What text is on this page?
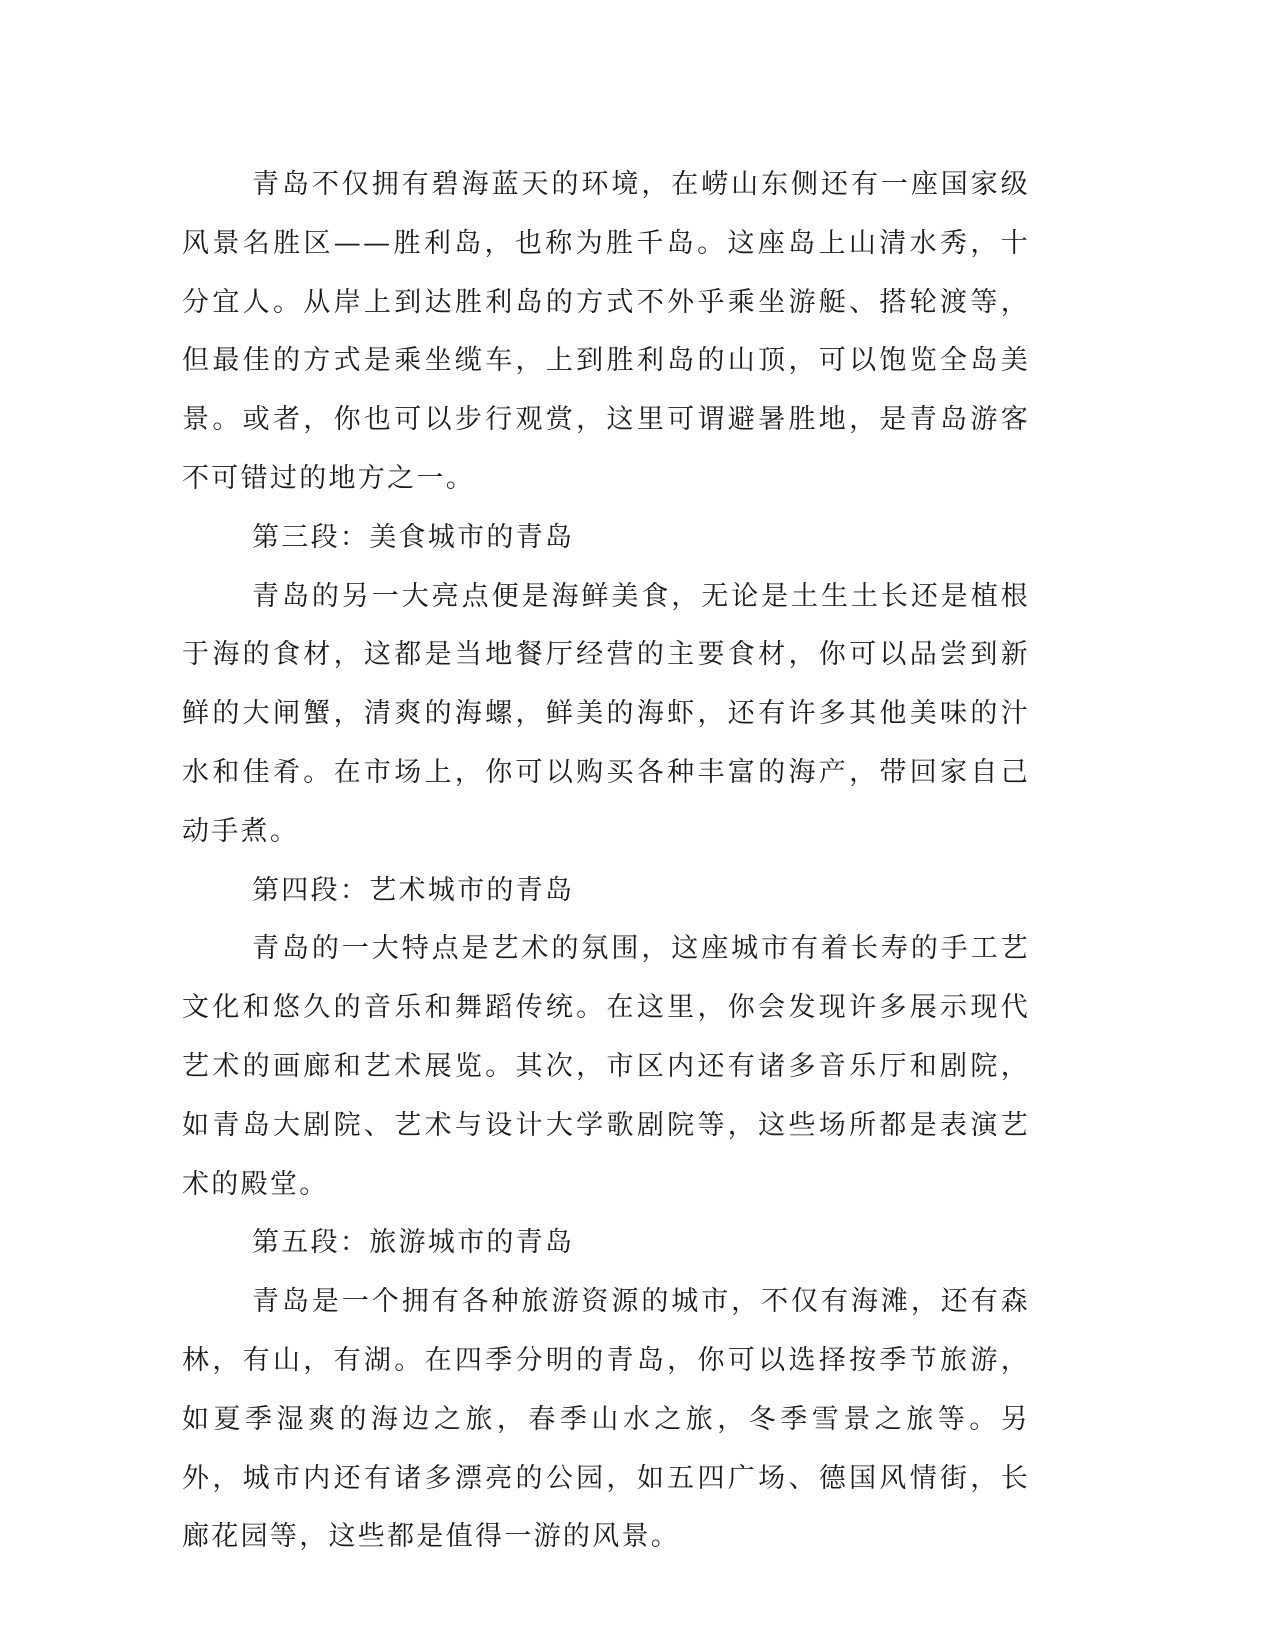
青岛不仅拥有碧海蓝天的环境，在崂山东侧还有一座国家级风景名胜区——胜利岛，也称为胜千岛。这座岛上山清水秀，十分宜人。从岸上到达胜利岛的方式不外乎乘坐游艇、搭轮渡等，但最佳的方式是乘坐缆车，上到胜利岛的山顶，可以饱览全岛美景。或者，你也可以步行观赏，这里可谓避暑胜地，是青岛游客不可错过的地方之一。

第三段：美食城市的青岛

青岛的另一大亮点便是海鲜美食，无论是土生土长还是植根于海的食材，这都是当地餐厅经营的主要食材，你可以品尝到新鲜的大闸蟹，清爽的海螺，鲜美的海虾，还有许多其他美味的汁水和佳肴。在市场上，你可以购买各种丰富的海产，带回家自己动手煮。

第四段：艺术城市的青岛

青岛的一大特点是艺术的氛围，这座城市有着长寿的手工艺文化和悠久的音乐和舞蹈传统。在这里，你会发现许多展示现代艺术的画廊和艺术展览。其次，市区内还有诸多音乐厅和剧院，如青岛大剧院、艺术与设计大学歌剧院等，这些场所都是表演艺术的殿堂。

第五段：旅游城市的青岛

青岛是一个拥有各种旅游资源的城市，不仅有海滩，还有森林，有山，有湖。在四季分明的青岛，你可以选择按季节旅游，如夏季湿爽的海边之旅，春季山水之旅，冬季雪景之旅等。另外，城市内还有诸多漂亮的公园，如五四广场、德国风情街，长廊花园等，这些都是值得一游的风景。
